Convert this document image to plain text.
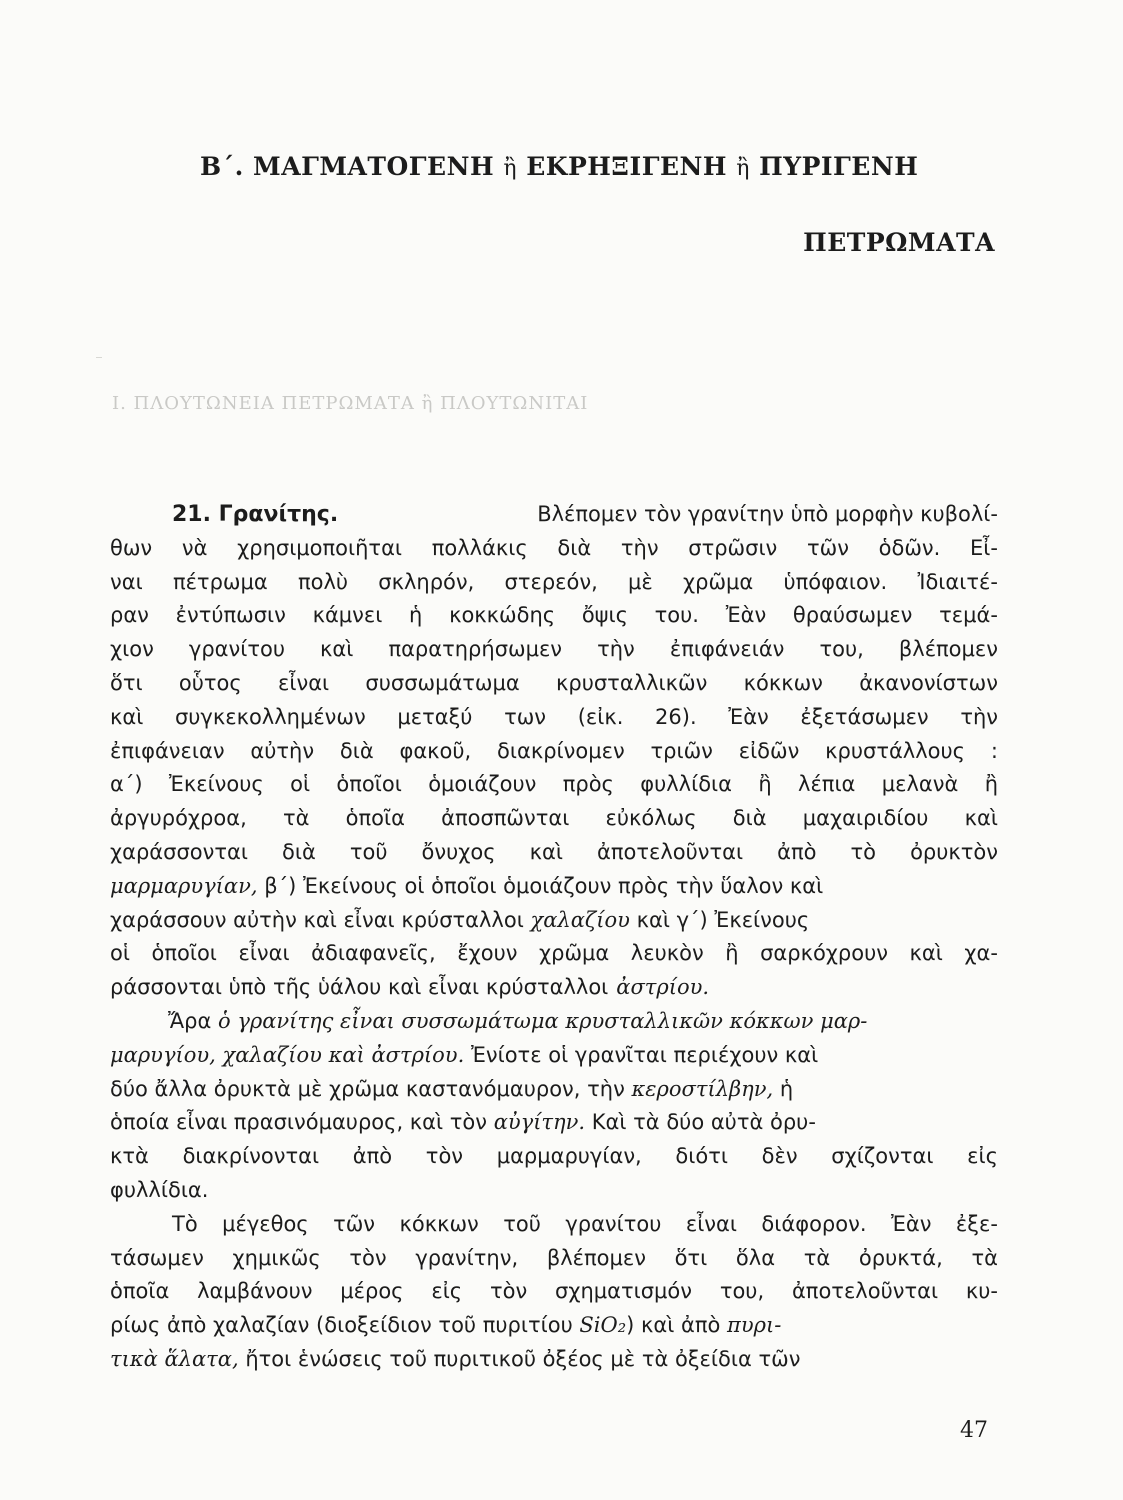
Β΄. ΜΑΓΜΑΤΟΓΕΝΗ ἢ ΕΚΡΗΞΙΓΕΝΗ ἢ ΠΥΡΙΓΕΝΗ
ΠΕΤΡΩΜΑΤΑ
Ι. ΠΛΟΥΤΩΝΕΙΑ ΠΕΤΡΩΜΑΤΑ ἢ ΠΛΟΥΤΩΝΙΤΑΙ
21. Γρανίτης.	Βλέπομεν τὸν γρανίτην ὑπὸ μορφὴν κυβολί-
θων νὰ χρησιμοποιῆται πολλάκις διὰ τὴν στρῶσιν τῶν ὁδῶν. Εἶ-
ναι πέτρωμα πολὺ σκληρόν, στερεόν, μὲ χρῶμα ὑπόφαιον. Ἰδιαιτέ-
ραν ἐντύπωσιν κάμνει ἡ κοκκώδης ὄψις του. Ἐὰν θραύσωμεν τεμά-
χιον γρανίτου καὶ παρατηρήσωμεν τὴν ἐπιφάνειάν του, βλέπομεν
ὅτι οὗτος εἶναι συσσωμάτωμα κρυσταλλικῶν κόκκων ἀκανονίστων
καὶ συγκεκολλημένων μεταξύ των (εἰκ. 26). Ἐὰν ἐξετάσωμεν τὴν
ἐπιφάνειαν αὐτὴν διὰ φακοῦ, διακρίνομεν τριῶν εἰδῶν κρυστάλλους :
α΄) Ἐκείνους οἱ ὁποῖοι ὁμοιάζουν πρὸς φυλλίδια ἢ λέπια μελανὰ ἢ
ἀργυρόχροα, τὰ ὁποῖα ἀποσπῶνται εὐκόλως διὰ μαχαιριδίου καὶ
χαράσσονται διὰ τοῦ ὄνυχος καὶ ἀποτελοῦνται ἀπὸ τὸ ὀρυκτὸν
μαρμαρυγίαν, β΄) Ἐκείνους οἱ ὁποῖοι ὁμοιάζουν πρὸς τὴν ὕαλον καὶ
χαράσσουν αὐτὴν καὶ εἶναι κρύσταλλοι χαλαζίου καὶ γ΄) Ἐκείνους
οἱ ὁποῖοι εἶναι ἀδιαφανεῖς, ἔχουν χρῶμα λευκὸν ἢ σαρκόχρουν καὶ χα-
ράσσονται ὑπὸ τῆς ὑάλου καὶ εἶναι κρύσταλλοι ἀστρίου.
Ἄρα ὁ γρανίτης εἶναι συσσωμάτωμα κρυσταλλικῶν κόκκων μαρ-
μαρυγίου, χαλαζίου καὶ ἀστρίου. Ἐνίοτε οἱ γρανῖται περιέχουν καὶ
δύο ἄλλα ὀρυκτὰ μὲ χρῶμα καστανόμαυρον, τὴν κεροστίλβην, ἡ
ὁποία εἶναι πρασινόμαυρος, καὶ τὸν αὐγίτην. Καὶ τὰ δύο αὐτὰ ὀρυ-
κτὰ διακρίνονται ἀπὸ τὸν μαρμαρυγίαν, διότι δὲν σχίζονται εἰς
φυλλίδια.
Τὸ μέγεθος τῶν κόκκων τοῦ γρανίτου εἶναι διάφορον. Ἐὰν ἐξε-
τάσωμεν χημικῶς τὸν γρανίτην, βλέπομεν ὅτι ὅλα τὰ ὀρυκτά, τὰ
ὁποῖα λαμβάνουν μέρος εἰς τὸν σχηματισμόν του, ἀποτελοῦνται κυ-
ρίως ἀπὸ χαλαζίαν (διοξείδιον τοῦ πυριτίου SiO₂) καὶ ἀπὸ πυρι-
τικὰ ἅλατα, ἤτοι ἑνώσεις τοῦ πυριτικοῦ ὀξέος μὲ τὰ ὀξείδια τῶν
47
